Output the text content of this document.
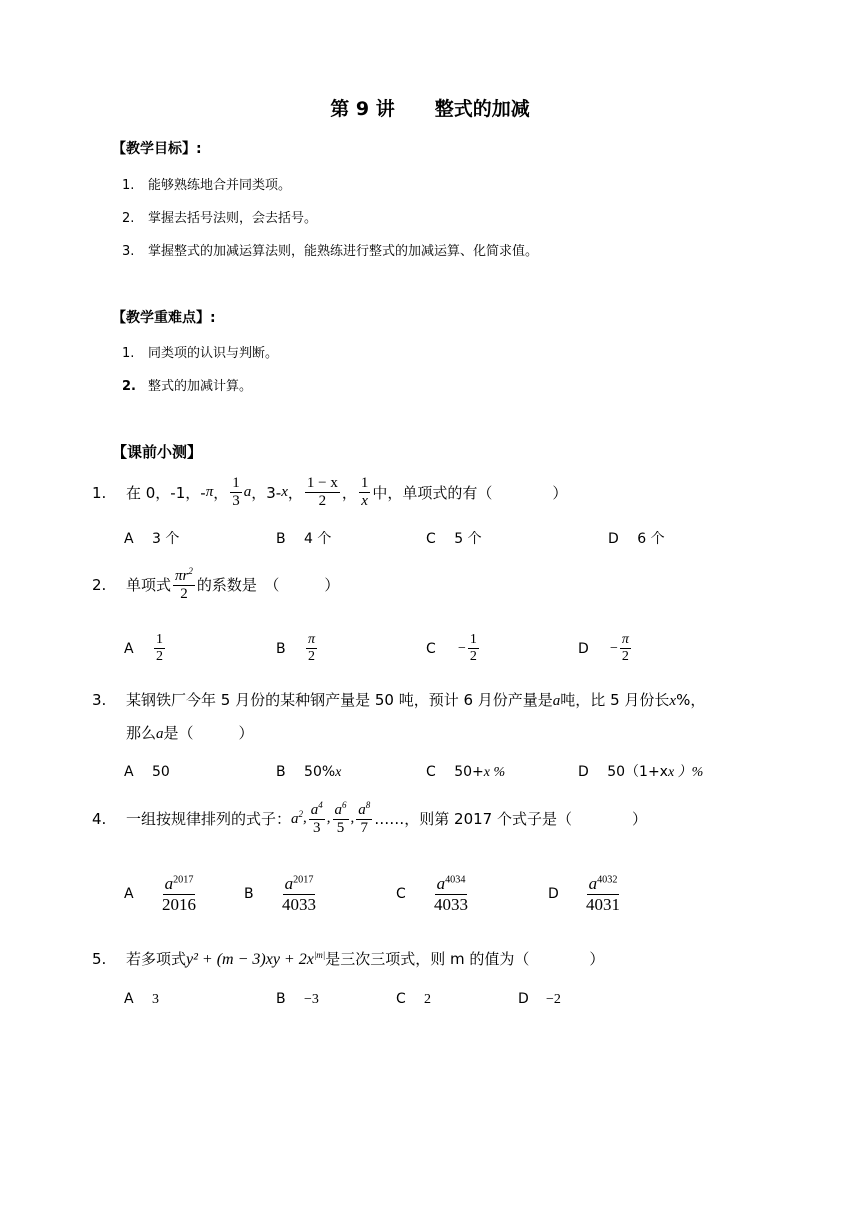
第 9 讲 整式的加减
【教学目标】:
1. 能够熟练地合并同类项。
2. 掌握去括号法则，会去括号。
3. 掌握整式的加减运算法则，能熟练进行整式的加减运算、化简求值。
【教学重难点】:
1. 同类项的认识与判断。
2. 整式的加减计算。
【课前小测】
1.	在 0，-1，- π ， $\frac{1}{3}$ a ，3- x ， $\frac{1 - x}{2}$ ， $\frac{1}{x}$ 中，单项式的有（　　　　）
A　 3 个	B　 4 个	C　 5 个	D　 6 个
2.	单项式 $\frac{\pi r^2}{2}$ 的系数是　（　　　）
A	$\frac{1}{2}$	B	$\frac{\pi}{2}$	C	− $\frac{1}{2}$	D	− $\frac{\pi}{2}$
3. 某钢铁厂今年 5 月份的某种钢产量是 50 吨，预计 6 月份产量是a吨，比 5 月份长x%，
那么a是（　　　）
A　 50	B　 50%x	C　 50+x %	D　 50（1+xx ）%
4.	一组按规律排列的式子： $a^2$ , $\frac{a^4}{3}$ , $\frac{a^6}{5}$ , $\frac{a^8}{7}$ ……，则第 2017 个式子是（　　　　）
A	$\frac{a^{2017}}{2016}$	B	$\frac{a^{2017}}{4033}$	C	$\frac{a^{4034}}{4033}$	D	$\frac{a^{4032}}{4031}$
5. 若多项式$y^2 + (m - 3)xy + 2x^{|m|}$是三次三项式，则 m 的值为（　　　　）
A 3	B −3	C 2	D −2
